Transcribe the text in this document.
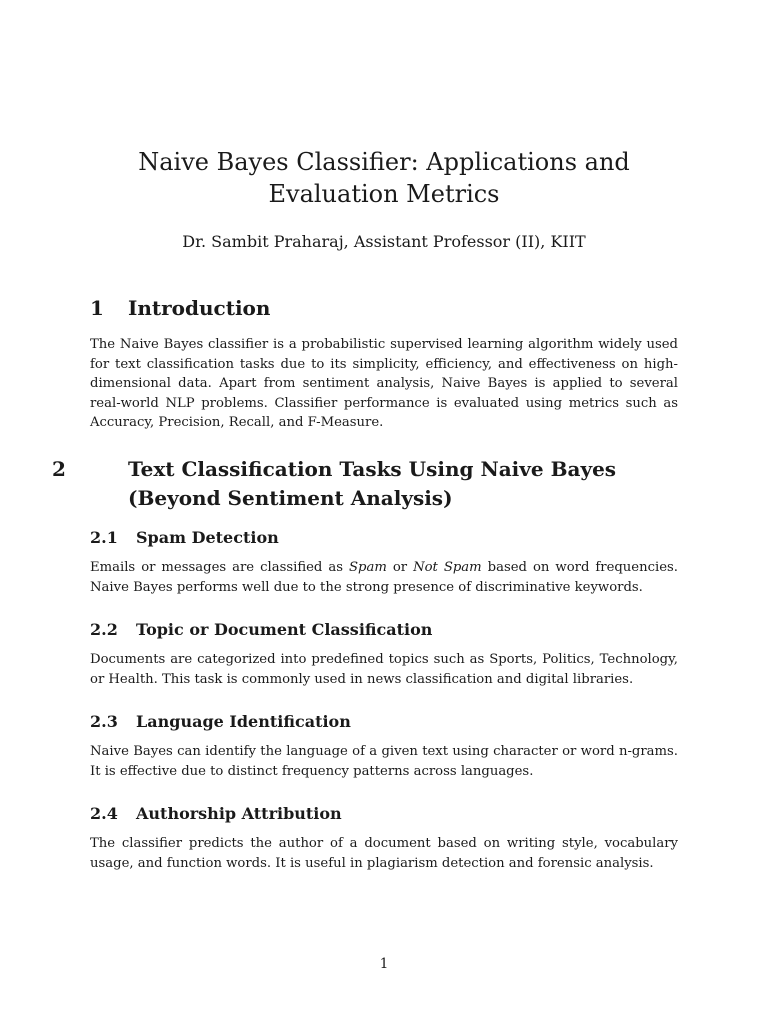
Naive Bayes Classifier: Applications and Evaluation Metrics

Dr. Sambit Praharaj, Assistant Professor (II), KIIT

1 Introduction

The Naive Bayes classifier is a probabilistic supervised learning algorithm widely used for text classification tasks due to its simplicity, efficiency, and effectiveness on high-dimensional data. Apart from sentiment analysis, Naive Bayes is applied to several real-world NLP problems. Classifier performance is evaluated using metrics such as Accuracy, Precision, Recall, and F-Measure.

2	Text Classification Tasks Using Naive Bayes (Beyond Sentiment Analysis)
2.1 Spam Detection

Emails or messages are classified as Spam or Not Spam based on word frequencies. Naive Bayes performs well due to the strong presence of discriminative keywords.

2.2 Topic or Document Classification

Documents are categorized into predefined topics such as Sports, Politics, Technology, or Health. This task is commonly used in news classification and digital libraries.

2.3 Language Identification

Naive Bayes can identify the language of a given text using character or word n-grams. It is effective due to distinct frequency patterns across languages.

2.4 Authorship Attribution

The classifier predicts the author of a document based on writing style, vocabulary usage, and function words. It is useful in plagiarism detection and forensic analysis.

1
